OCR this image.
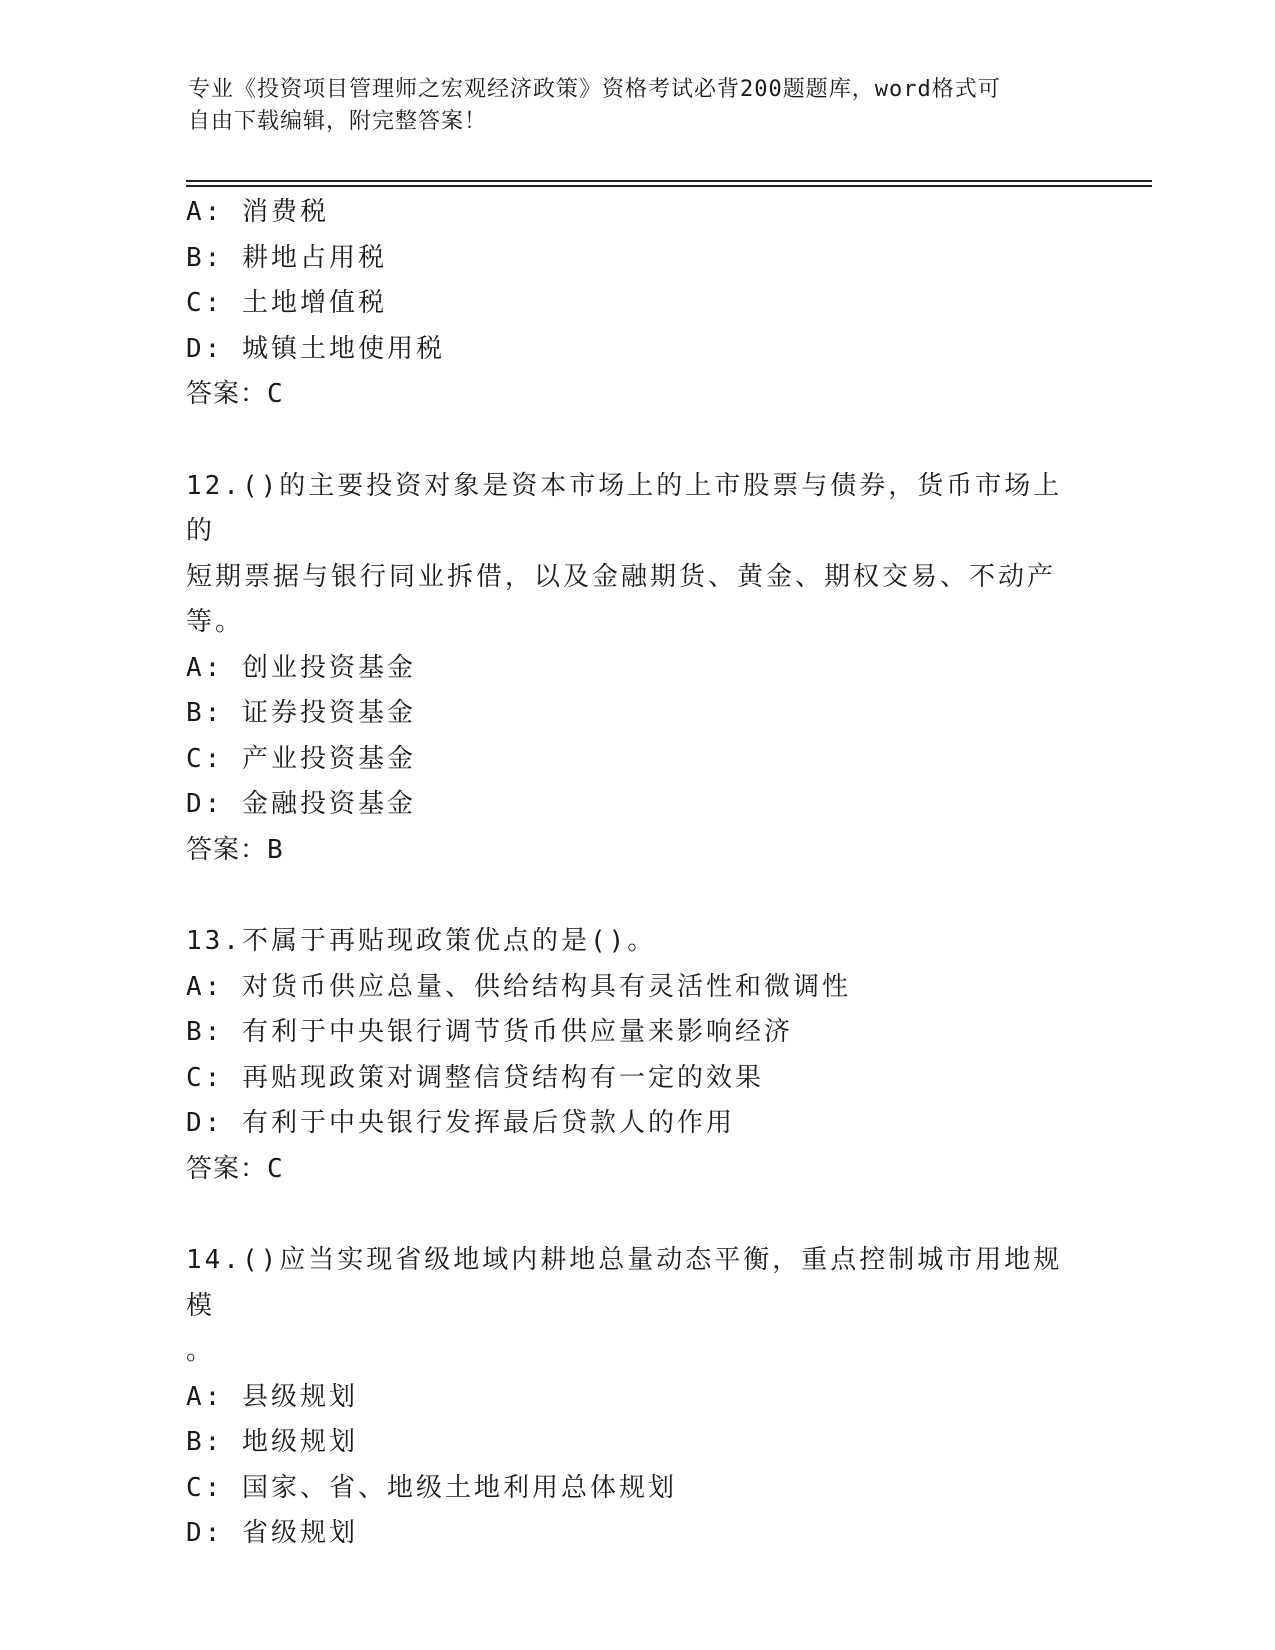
专业《投资项目管理师之宏观经济政策》资格考试必背200题题库，word格式可
自由下载编辑，附完整答案！
A: 消费税
B: 耕地占用税
C: 土地增值税
D: 城镇土地使用税
答案：C
12.()的主要投资对象是资本市场上的上市股票与债券，货币市场上的
短期票据与银行同业拆借，以及金融期货、黄金、期权交易、不动产
等。
A: 创业投资基金
B: 证券投资基金
C: 产业投资基金
D: 金融投资基金
答案：B
13.不属于再贴现政策优点的是()。
A: 对货币供应总量、供给结构具有灵活性和微调性
B: 有利于中央银行调节货币供应量来影响经济
C: 再贴现政策对调整信贷结构有一定的效果
D: 有利于中央银行发挥最后贷款人的作用
答案：C
14.()应当实现省级地域内耕地总量动态平衡，重点控制城市用地规模
。
A: 县级规划
B: 地级规划
C: 国家、省、地级土地利用总体规划
D: 省级规划
